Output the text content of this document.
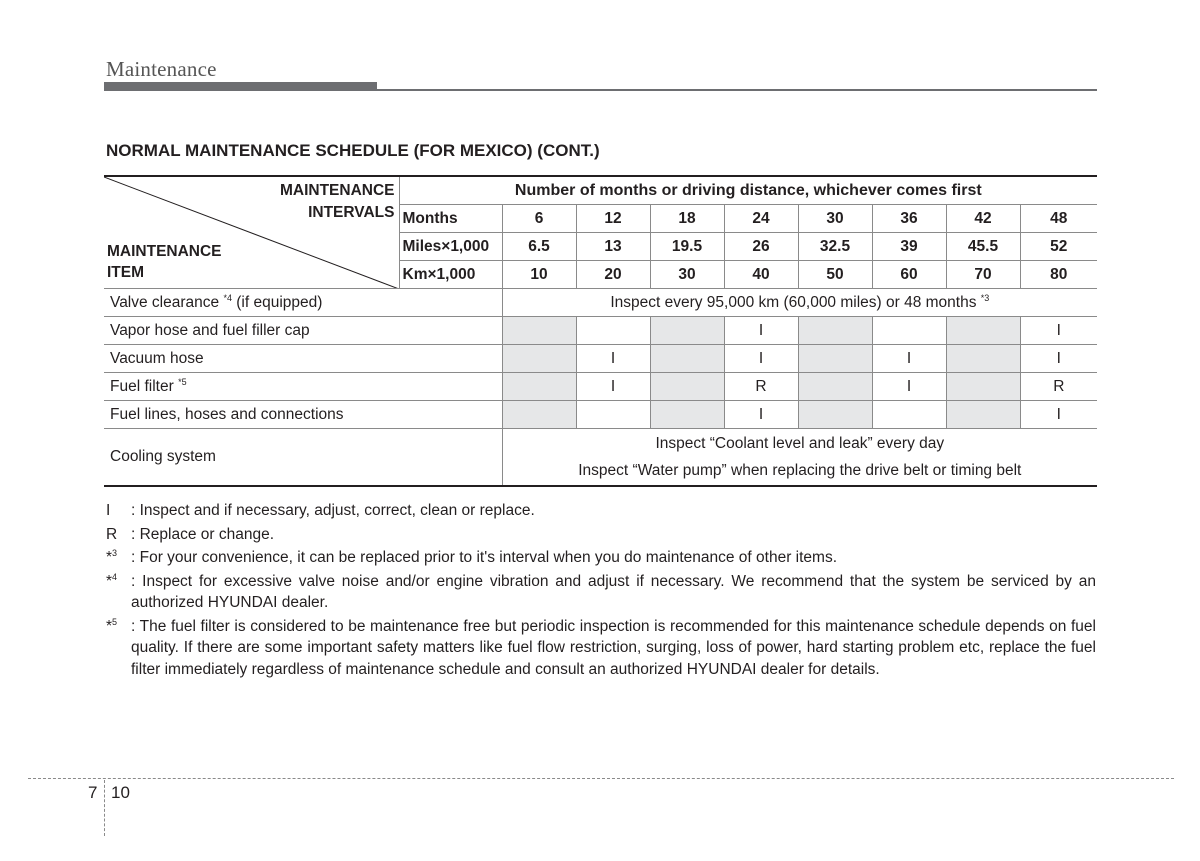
Maintenance
NORMAL MAINTENANCE SCHEDULE (FOR MEXICO) (CONT.)
MAINTENANCE
INTERVALS
MAINTENANCE
ITEM	Number of months or driving distance, whichever comes first								
	Months	6	12	18	24	30	36	42	48
	Miles×1,000	6.5	13	19.5	26	32.5	39	45.5	52
	Km×1,000	10	20	30	40	50	60	70	80
Valve clearance $^{*4}$ (if equipped)		Inspect every 95,000 km (60,000 miles) or 48 months $^{*3}$
Vapor hose and fuel filler cap					I				I
Vacuum hose			I		I		I		I
Fuel filter $^{*5}$			I		R		I		R
Fuel lines, hoses and connections					I				I
Cooling system		Inspect “Coolant level and leak” every day
Inspect “Water pump” when replacing the drive belt or timing belt							
I	: Inspect and if necessary, adjust, correct, clean or replace.
R : Replace or change.
*$^3$ : For your convenience, it can be replaced prior to it's interval when you do maintenance of other items.
*$^4$ : Inspect for excessive valve noise and/or engine vibration and adjust if necessary. We recommend that the system be serviced by an authorized HYUNDAI dealer.
*$^5$ : The fuel filter is considered to be maintenance free but periodic inspection is recommended for this maintenance schedule depends on fuel quality. If there are some important safety matters like fuel flow restriction, surging, loss of power, hard starting problem etc, replace the fuel filter immediately regardless of maintenance schedule and consult an authorized HYUNDAI dealer for details.
7 10
